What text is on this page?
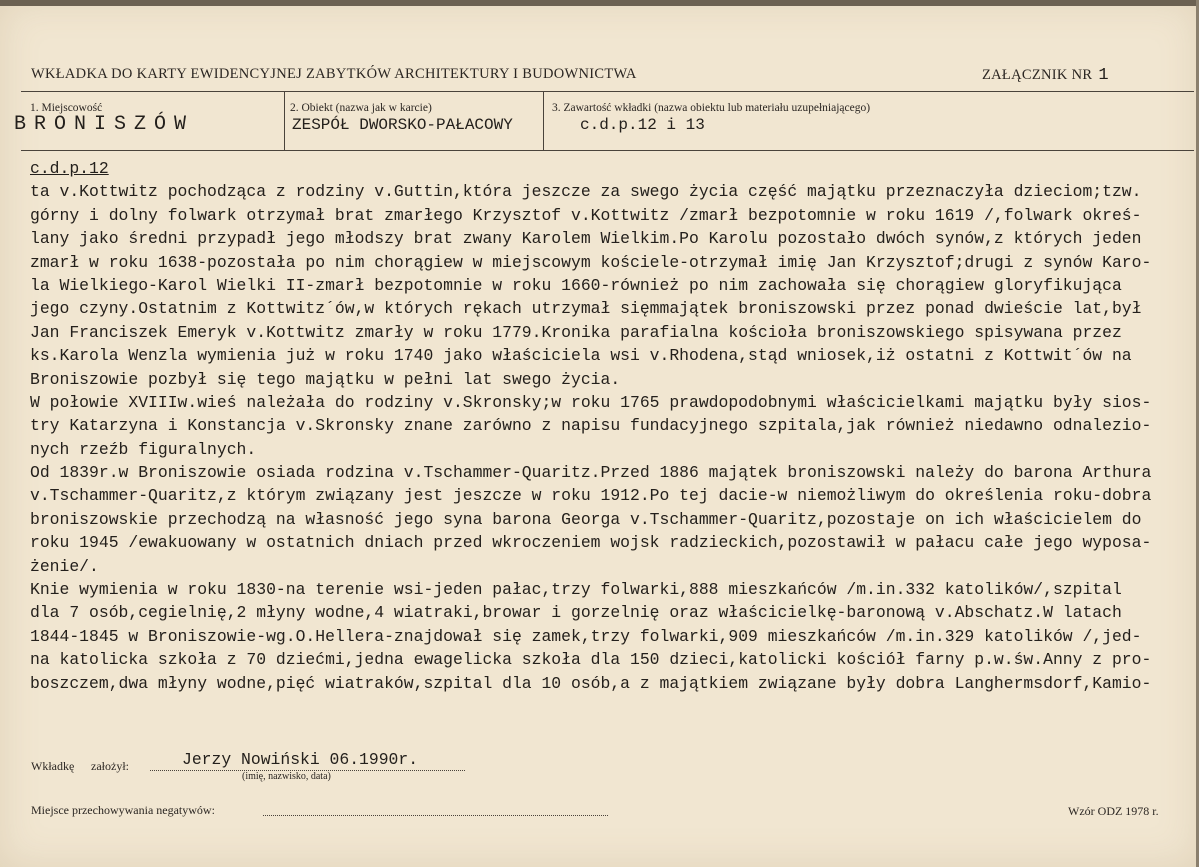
WKŁADKA DO KARTY EWIDENCYJNEJ ZABYTKÓW ARCHITEKTURY I BUDOWNICTWA	ZAŁĄCZNIK NR 1
1. Miejscowość	2. Obiekt (nazwa jak w karcie)	3. Zawartość wkładki (nazwa obiektu lub materiału uzupełniającego)
BRONISZÓW	ZESPÓŁ DWORSKO-PAŁACOWY	c.d.p.12 i 13
c.d.p.12
ta v.Kottwitz pochodząca z rodziny v.Guttin,która jeszcze za swego życia część majątku przeznaczyła dzieciom;tzw.
górny i dolny folwark otrzymał brat zmarłego Krzysztof v.Kottwitz /zmarł bezpotomnie w roku 1619 /,folwark okreś-
lany jako średni przypadł jego młodszy brat zwany Karolem Wielkim.Po Karolu pozostało dwóch synów,z których jeden
zmarł w roku 1638-pozostała po nim chorągiew w miejscowym kościele-otrzymał imię Jan Krzysztof;drugi z synów Karo-
la Wielkiego-Karol Wielki II-zmarł bezpotomnie w roku 1660-również po nim zachowała się chorągiew gloryfikująca
jego czyny.Ostatnim z Kottwitz´ów,w których rękach utrzymał sięmmajątek broniszowski przez ponad dwieście lat,był
Jan Franciszek Emeryk v.Kottwitz zmarły w roku 1779.Kronika parafialna kościoła broniszowskiego spisywana przez
ks.Karola Wenzla wymienia już w roku 1740 jako właściciela wsi v.Rhodena,stąd wniosek,iż ostatni z Kottwit´ów na
Broniszowie pozbył się tego majątku w pełni lat swego życia.
W połowie XVIIIw.wieś należała do rodziny v.Skronsky;w roku 1765 prawdopodobnymi właścicielkami majątku były sios-
try Katarzyna i Konstancja v.Skronsky znane zarówno z napisu fundacyjnego szpitala,jak również niedawno odnalezio-
nych rzeźb figuralnych.
Od 1839r.w Broniszowie osiada rodzina v.Tschammer-Quaritz.Przed 1886 majątek broniszowski należy do barona Arthura
v.Tschammer-Quaritz,z którym związany jest jeszcze w roku 1912.Po tej dacie-w niemożliwym do określenia roku-dobra
broniszowskie przechodzą na własność jego syna barona Georga v.Tschammer-Quaritz,pozostaje on ich właścicielem do
roku 1945 /ewakuowany w ostatnich dniach przed wkroczeniem wojsk radzieckich,pozostawił w pałacu całe jego wyposa-
żenie/.
Knie wymienia w roku 1830-na terenie wsi-jeden pałac,trzy folwarki,888 mieszkańców /m.in.332 katolików/,szpital
dla 7 osób,cegielnię,2 młyny wodne,4 wiatraki,browar i gorzelnię oraz właścicielkę-baronową v.Abschatz.W latach
1844-1845 w Broniszowie-wg.O.Hellera-znajdował się zamek,trzy folwarki,909 mieszkańców /m.in.329 katolików /,jed-
na katolicka szkoła z 70 dziećmi,jedna ewagelicka szkoła dla 150 dzieci,katolicki kościół farny p.w.św.Anny z pro-
boszczem,dwa młyny wodne,pięć wiatraków,szpital dla 10 osób,a z majątkiem związane były dobra Langhermsdorf,Kamio-
Wkładkę założył:	Jerzy Nowiński 06.1990r.
(imię, nazwisko, data)
Miejsce przechowywania negatywów:	Wzór ODZ 1978 r.
